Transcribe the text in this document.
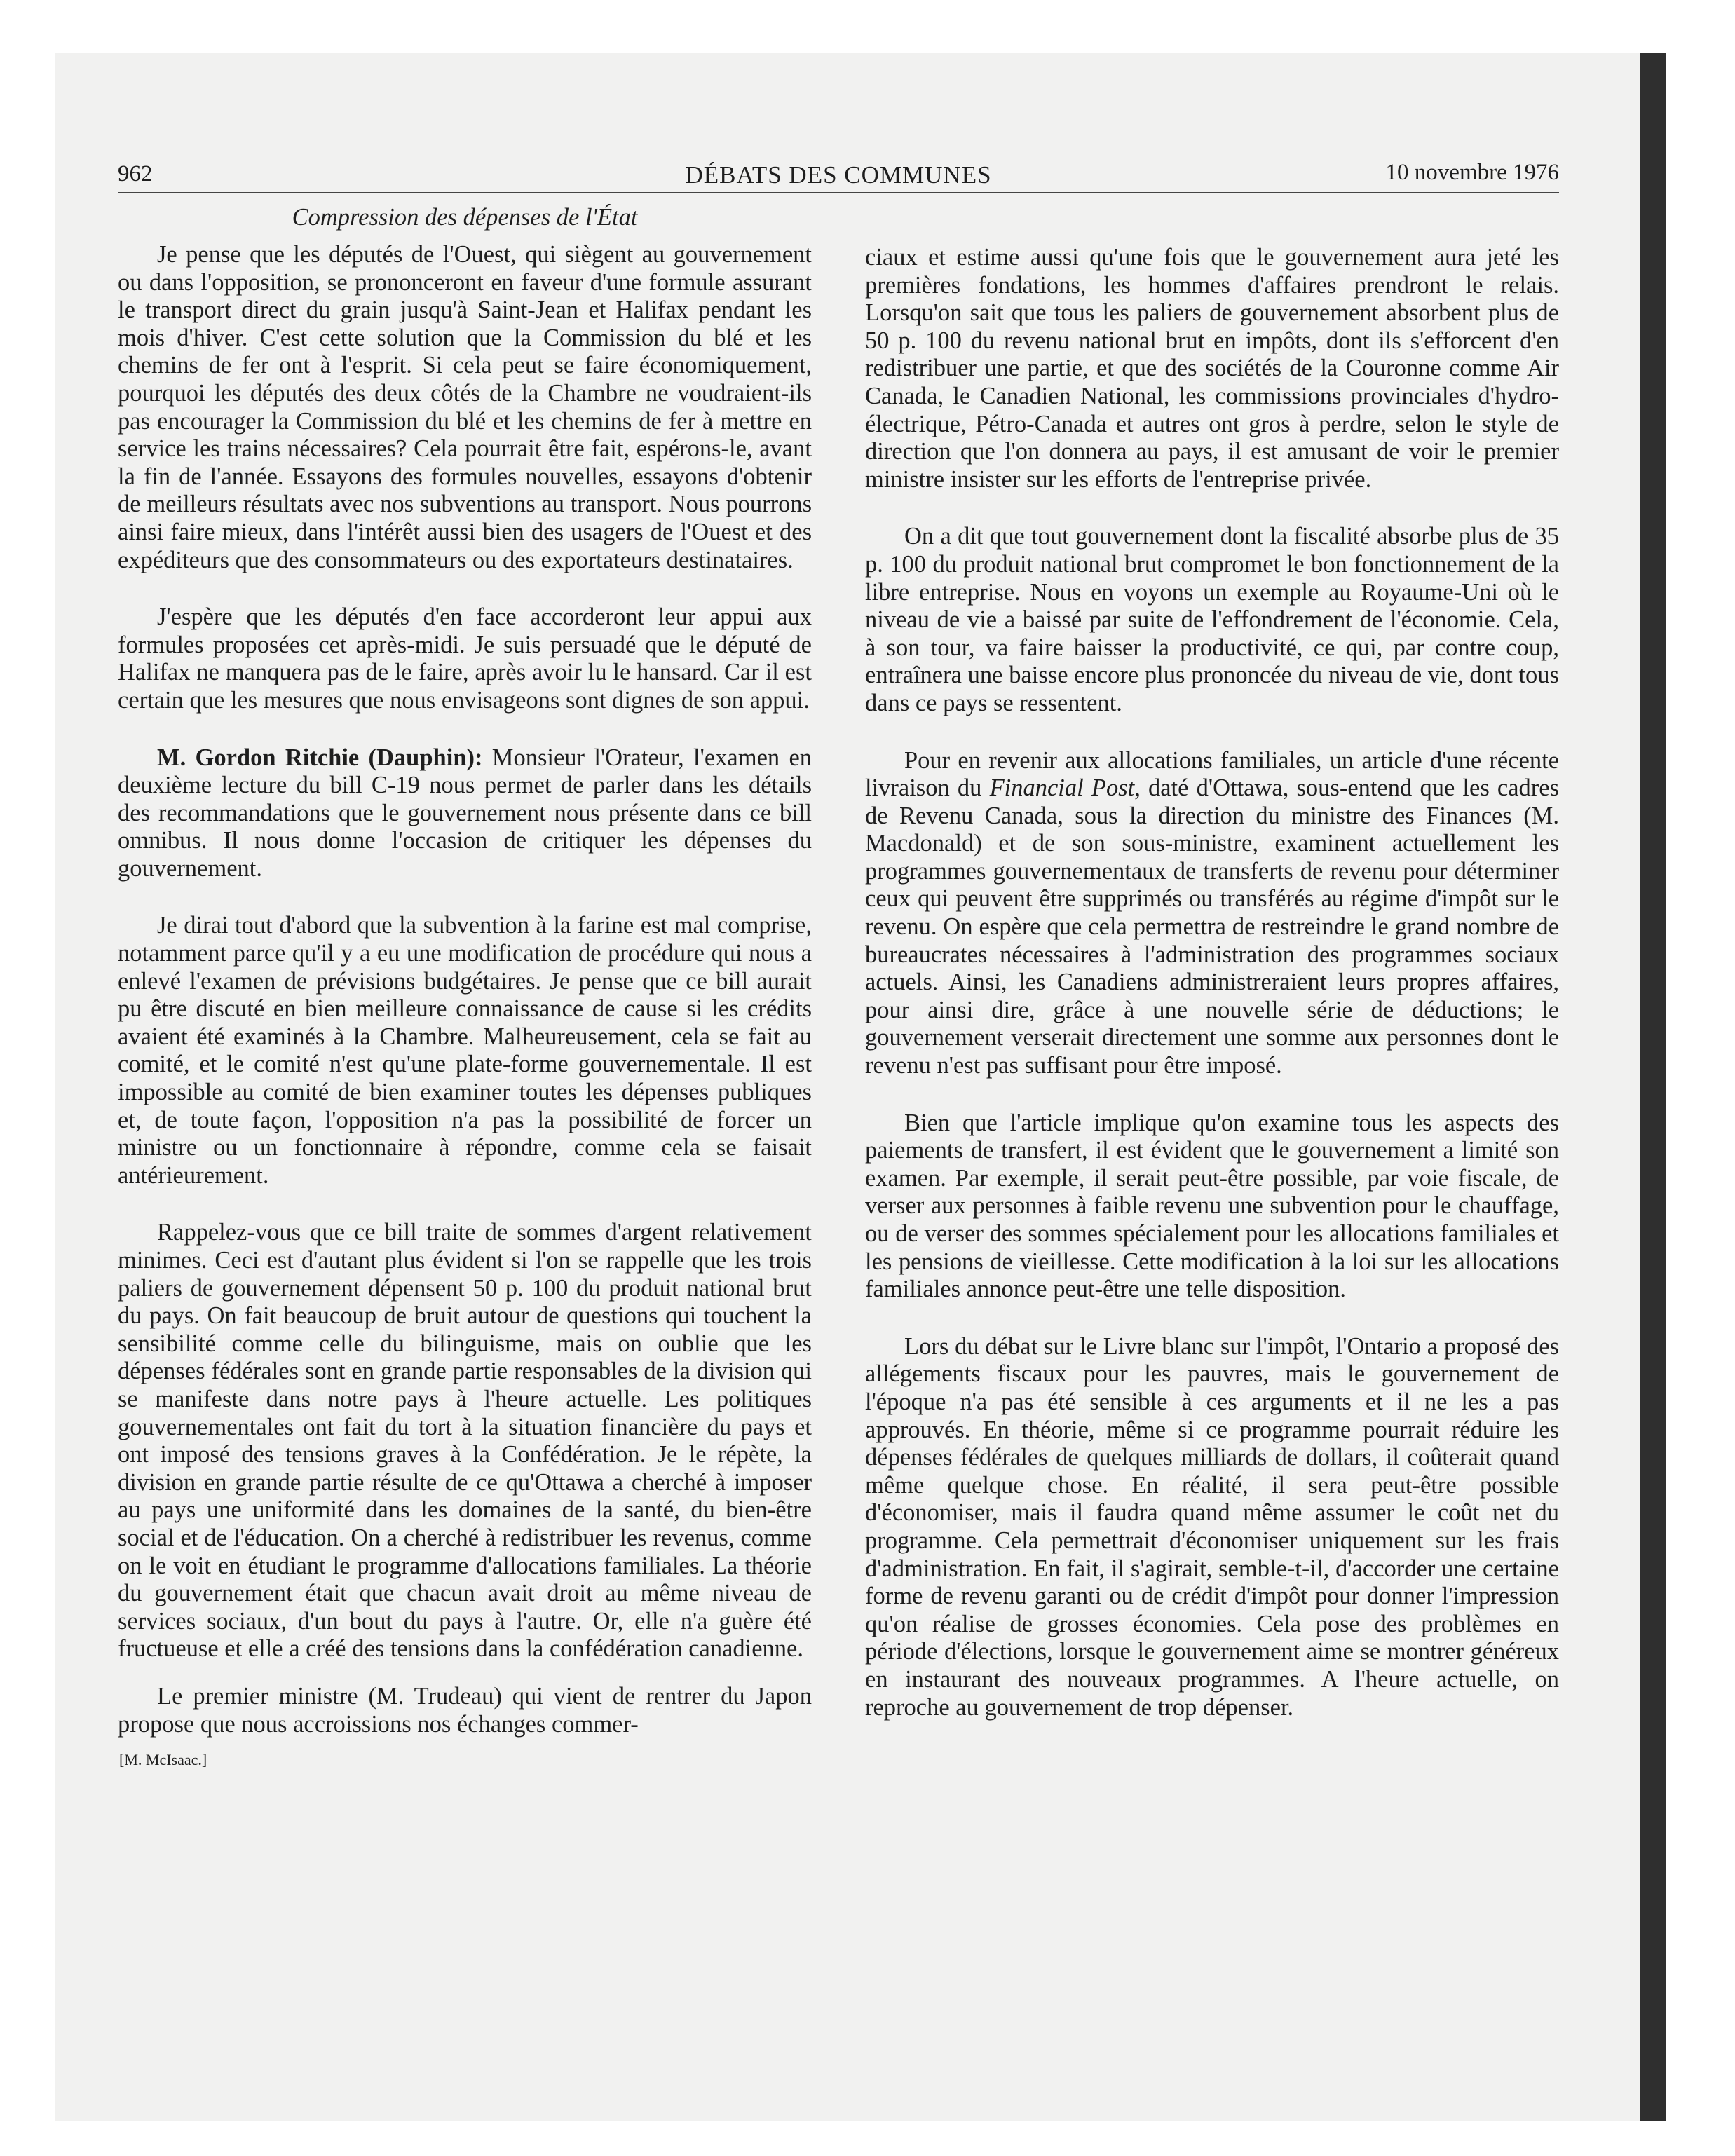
962	DÉBATS DES COMMUNES	10 novembre 1976
Compression des dépenses de l'État

Je pense que les députés de l'Ouest, qui siègent au gouvernement ou dans l'opposition, se prononceront en faveur d'une formule assurant le transport direct du grain jusqu'à Saint-Jean et Halifax pendant les mois d'hiver. C'est cette solution que la Commission du blé et les chemins de fer ont à l'esprit. Si cela peut se faire économiquement, pourquoi les députés des deux côtés de la Chambre ne voudraient-ils pas encourager la Commission du blé et les chemins de fer à mettre en service les trains nécessaires? Cela pourrait être fait, espérons-le, avant la fin de l'année. Essayons des formules nouvelles, essayons d'obtenir de meilleurs résultats avec nos subventions au transport. Nous pourrons ainsi faire mieux, dans l'intérêt aussi bien des usagers de l'Ouest et des expéditeurs que des consommateurs ou des exportateurs destinataires.

J'espère que les députés d'en face accorderont leur appui aux formules proposées cet après-midi. Je suis persuadé que le député de Halifax ne manquera pas de le faire, après avoir lu le hansard. Car il est certain que les mesures que nous envisageons sont dignes de son appui.

M. Gordon Ritchie (Dauphin): Monsieur l'Orateur, l'examen en deuxième lecture du bill C-19 nous permet de parler dans les détails des recommandations que le gouvernement nous présente dans ce bill omnibus. Il nous donne l'occasion de critiquer les dépenses du gouvernement.

Je dirai tout d'abord que la subvention à la farine est mal comprise, notamment parce qu'il y a eu une modification de procédure qui nous a enlevé l'examen de prévisions budgétaires. Je pense que ce bill aurait pu être discuté en bien meilleure connaissance de cause si les crédits avaient été examinés à la Chambre. Malheureusement, cela se fait au comité, et le comité n'est qu'une plate-forme gouvernementale. Il est impossible au comité de bien examiner toutes les dépenses publiques et, de toute façon, l'opposition n'a pas la possibilité de forcer un ministre ou un fonctionnaire à répondre, comme cela se faisait antérieurement.

Rappelez-vous que ce bill traite de sommes d'argent relativement minimes. Ceci est d'autant plus évident si l'on se rappelle que les trois paliers de gouvernement dépensent 50 p. 100 du produit national brut du pays. On fait beaucoup de bruit autour de questions qui touchent la sensibilité comme celle du bilinguisme, mais on oublie que les dépenses fédérales sont en grande partie responsables de la division qui se manifeste dans notre pays à l'heure actuelle. Les politiques gouvernementales ont fait du tort à la situation financière du pays et ont imposé des tensions graves à la Confédération. Je le répète, la division en grande partie résulte de ce qu'Ottawa a cherché à imposer au pays une uniformité dans les domaines de la santé, du bien-être social et de l'éducation. On a cherché à redistribuer les revenus, comme on le voit en étudiant le programme d'allocations familiales. La théorie du gouvernement était que chacun avait droit au même niveau de services sociaux, d'un bout du pays à l'autre. Or, elle n'a guère été fructueuse et elle a créé des tensions dans la confédération canadienne.

Le premier ministre (M. Trudeau) qui vient de rentrer du Japon propose que nous accroissions nos échanges commer-

[M. McIsaac.]

ciaux et estime aussi qu'une fois que le gouvernement aura jeté les premières fondations, les hommes d'affaires prendront le relais. Lorsqu'on sait que tous les paliers de gouvernement absorbent plus de 50 p. 100 du revenu national brut en impôts, dont ils s'efforcent d'en redistribuer une partie, et que des sociétés de la Couronne comme Air Canada, le Canadien National, les commissions provinciales d'hydro-électrique, Pétro-Canada et autres ont gros à perdre, selon le style de direction que l'on donnera au pays, il est amusant de voir le premier ministre insister sur les efforts de l'entreprise privée.

On a dit que tout gouvernement dont la fiscalité absorbe plus de 35 p. 100 du produit national brut compromet le bon fonctionnement de la libre entreprise. Nous en voyons un exemple au Royaume-Uni où le niveau de vie a baissé par suite de l'effondrement de l'économie. Cela, à son tour, va faire baisser la productivité, ce qui, par contre coup, entraînera une baisse encore plus prononcée du niveau de vie, dont tous dans ce pays se ressentent.

Pour en revenir aux allocations familiales, un article d'une récente livraison du Financial Post, daté d'Ottawa, sous-entend que les cadres de Revenu Canada, sous la direction du ministre des Finances (M. Macdonald) et de son sous-ministre, examinent actuellement les programmes gouvernementaux de transferts de revenu pour déterminer ceux qui peuvent être supprimés ou transférés au régime d'impôt sur le revenu. On espère que cela permettra de restreindre le grand nombre de bureaucrates nécessaires à l'administration des programmes sociaux actuels. Ainsi, les Canadiens administreraient leurs propres affaires, pour ainsi dire, grâce à une nouvelle série de déductions; le gouvernement verserait directement une somme aux personnes dont le revenu n'est pas suffisant pour être imposé.

Bien que l'article implique qu'on examine tous les aspects des paiements de transfert, il est évident que le gouvernement a limité son examen. Par exemple, il serait peut-être possible, par voie fiscale, de verser aux personnes à faible revenu une subvention pour le chauffage, ou de verser des sommes spécialement pour les allocations familiales et les pensions de vieillesse. Cette modification à la loi sur les allocations familiales annonce peut-être une telle disposition.

Lors du débat sur le Livre blanc sur l'impôt, l'Ontario a proposé des allégements fiscaux pour les pauvres, mais le gouvernement de l'époque n'a pas été sensible à ces arguments et il ne les a pas approuvés. En théorie, même si ce programme pourrait réduire les dépenses fédérales de quelques milliards de dollars, il coûterait quand même quelque chose. En réalité, il sera peut-être possible d'économiser, mais il faudra quand même assumer le coût net du programme. Cela permettrait d'économiser uniquement sur les frais d'administration. En fait, il s'agirait, semble-t-il, d'accorder une certaine forme de revenu garanti ou de crédit d'impôt pour donner l'impression qu'on réalise de grosses économies. Cela pose des problèmes en période d'élections, lorsque le gouvernement aime se montrer généreux en instaurant des nouveaux programmes. A l'heure actuelle, on reproche au gouvernement de trop dépenser.
